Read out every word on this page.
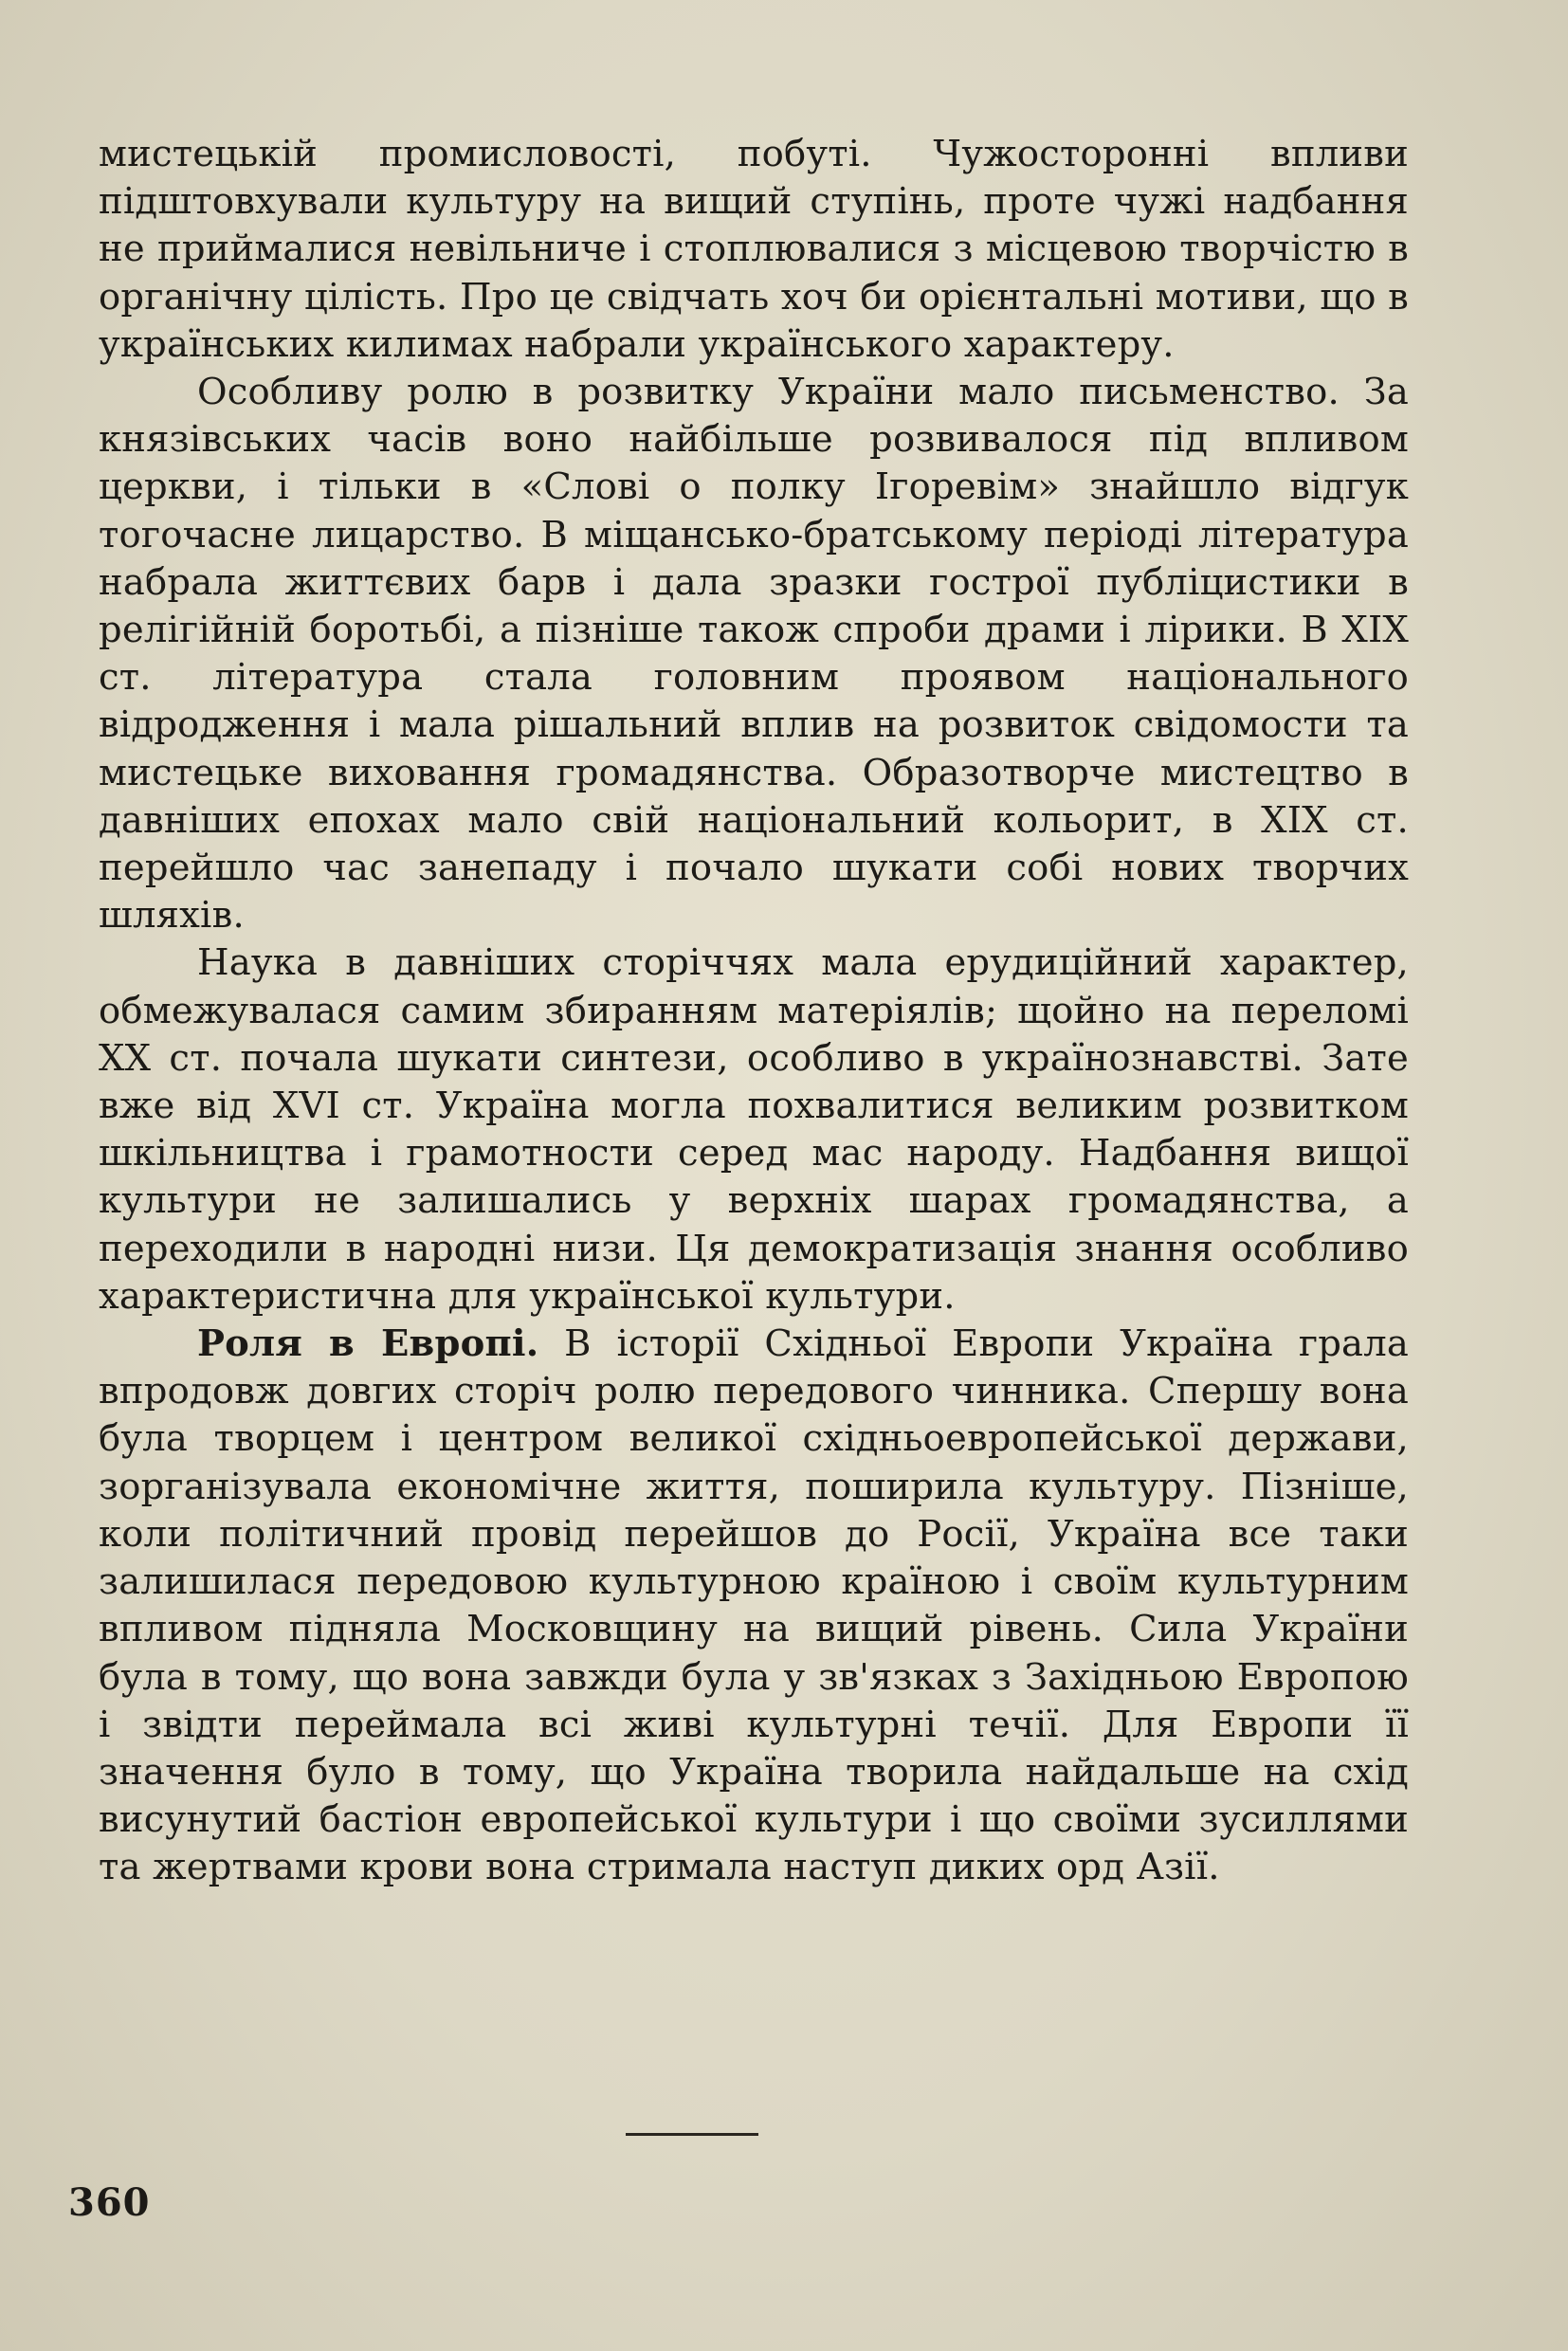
мистецькій промисловості, побуті. Чужосторонні впливи підштовхували культуру на вищий ступінь, проте чужі надбання не приймалися невільниче і стоплювалися з місцевою творчістю в органічну цілість. Про це свідчать хоч би орієнтальні мотиви, що в українських килимах набрали українського характеру.

Особливу ролю в розвитку України мало письменство. За князівських часів воно найбільше розвивалося під впливом церкви, і тільки в «Слові о полку Ігоревім» знайшло відгук тогочасне лицарство. В міщансько-братському періоді література набрала життєвих барв і дала зразки гострої публіцистики в релігійній боротьбі, а пізніше також спроби драми і лірики. В XIX ст. література стала головним проявом національного відродження і мала рішальний вплив на розвиток свідомости та мистецьке виховання громадянства. Образотворче мистецтво в давніших епохах мало свій національний кольорит, в XIX ст. перейшло час занепаду і почало шукати собі нових творчих шляхів.

Наука в давніших сторіччях мала ерудиційний характер, обмежувалася самим збиранням матеріялів; щойно на переломі XX ст. почала шукати синтези, особливо в українознавстві. Зате вже від XVI ст. Україна могла похвалитися великим розвитком шкільництва і грамотности серед мас народу. Надбання вищої культури не залишались у верхніх шарах громадянства, а переходили в народні низи. Ця демократизація знання особливо характеристична для української культури.

Роля в Европі. В історії Східньої Европи Україна грала впродовж довгих сторіч ролю передового чинника. Спершу вона була творцем і центром великої східньоевропейської держави, зорганізувала економічне життя, поширила культуру. Пізніше, коли політичний провід перейшов до Росії, Україна все таки залишилася передовою культурною країною і своїм культурним впливом підняла Московщину на вищий рівень. Сила України була в тому, що вона завжди була у зв'язках з Західньою Европою і звідти переймала всі живі культурні течії. Для Европи її значення було в тому, що Україна творила найдальше на схід висунутий бастіон европейської культури і що своїми зусиллями та жертвами крови вона стримала наступ диких орд Азії.

360
